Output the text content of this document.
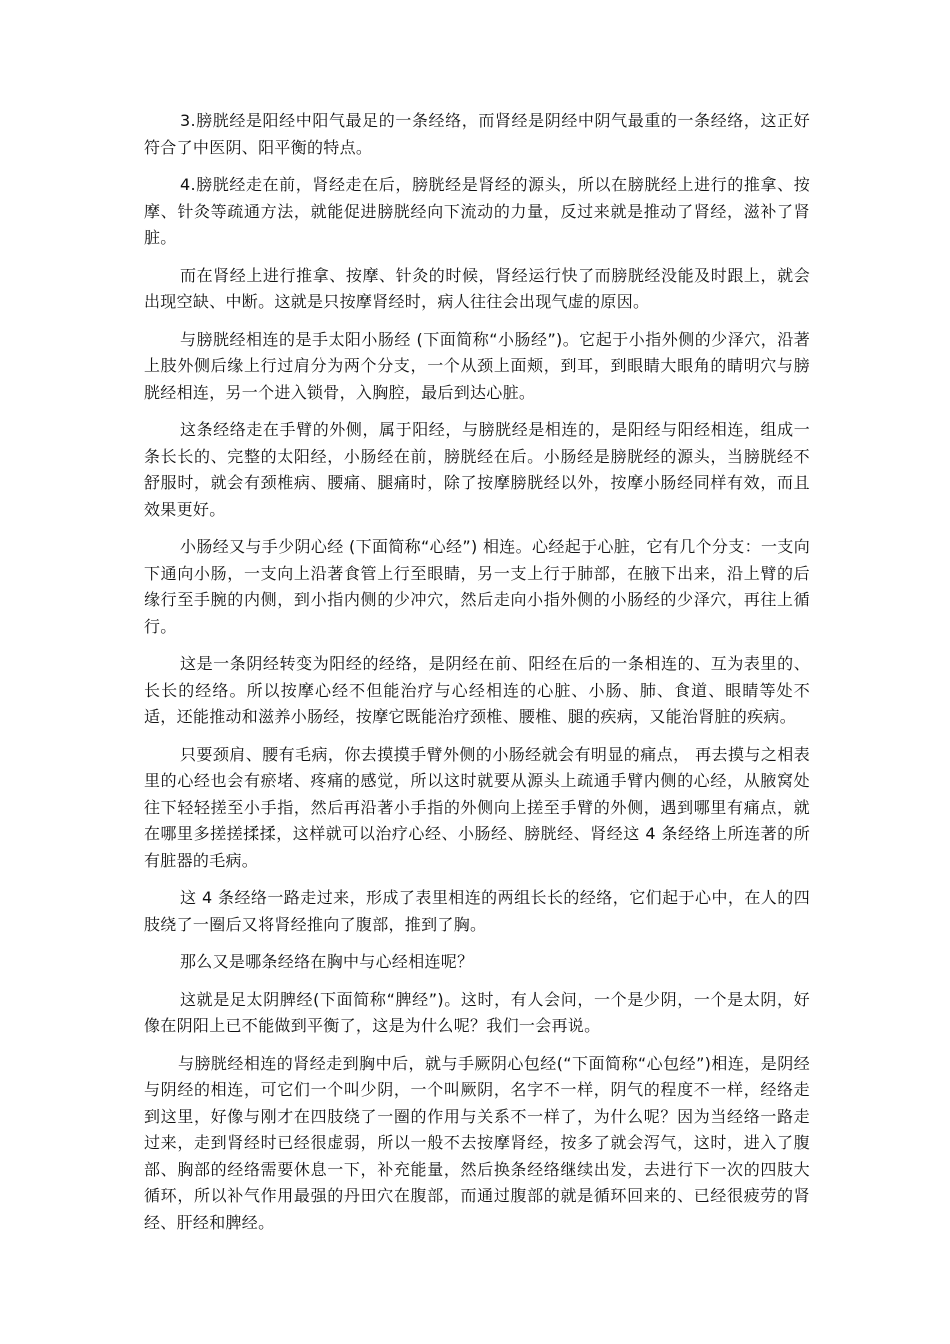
3.膀胱经是阳经中阳气最足的一条经络，而肾经是阴经中阴气最重的一条经络，这正好符合了中医阴、阳平衡的特点。

4.膀胱经走在前，肾经走在后，膀胱经是肾经的源头，所以在膀胱经上进行的推拿、按摩、针灸等疏通方法，就能促进膀胱经向下流动的力量，反过来就是推动了肾经，滋补了肾脏。

而在肾经上进行推拿、按摩、针灸的时候，肾经运行快了而膀胱经没能及时跟上，就会出现空缺、中断。这就是只按摩肾经时，病人往往会出现气虚的原因。

与膀胱经相连的是手太阳小肠经 (下面简称“小肠经”)。它起于小指外侧的少泽穴，沿著上肢外侧后缘上行过肩分为两个分支，一个从颈上面颊，到耳，到眼睛大眼角的睛明穴与膀胱经相连，另一个进入锁骨，入胸腔，最后到达心脏。

这条经络走在手臂的外侧，属于阳经，与膀胱经是相连的，是阳经与阳经相连，组成一条长长的、完整的太阳经，小肠经在前，膀胱经在后。小肠经是膀胱经的源头，当膀胱经不舒服时，就会有颈椎病、腰痛、腿痛时，除了按摩膀胱经以外，按摩小肠经同样有效，而且效果更好。

小肠经又与手少阴心经 (下面简称“心经”) 相连。心经起于心脏，它有几个分支：一支向下通向小肠，一支向上沿著食管上行至眼睛，另一支上行于肺部，在腋下出来，沿上臂的后缘行至手腕的内侧，到小指内侧的少冲穴，然后走向小指外侧的小肠经的少泽穴，再往上循行。

这是一条阴经转变为阳经的经络，是阴经在前、阳经在后的一条相连的、互为表里的、长长的经络。所以按摩心经不但能治疗与心经相连的心脏、小肠、肺、食道、眼睛等处不适，还能推动和滋养小肠经，按摩它既能治疗颈椎、腰椎、腿的疾病，又能治肾脏的疾病。

只要颈肩、腰有毛病，你去摸摸手臂外侧的小肠经就会有明显的痛点， 再去摸与之相表里的心经也会有瘀堵、疼痛的感觉，所以这时就要从源头上疏通手臂内侧的心经，从腋窝处往下轻轻搓至小手指，然后再沿著小手指的外侧向上搓至手臂的外侧，遇到哪里有痛点，就在哪里多搓搓揉揉，这样就可以治疗心经、小肠经、膀胱经、肾经这 4 条经络上所连著的所有脏器的毛病。

这 4 条经络一路走过来，形成了表里相连的两组长长的经络，它们起于心中，在人的四肢绕了一圈后又将肾经推向了腹部，推到了胸。

那么又是哪条经络在胸中与心经相连呢？

这就是足太阴脾经(下面简称“脾经”)。这时，有人会问，一个是少阴，一个是太阴，好像在阴阳上已不能做到平衡了，这是为什么呢？我们一会再说。

与膀胱经相连的肾经走到胸中后，就与手厥阴心包经(“下面简称“心包经”)相连，是阴经与阴经的相连，可它们一个叫少阴，一个叫厥阴，名字不一样，阴气的程度不一样，经络走到这里，好像与刚才在四肢绕了一圈的作用与关系不一样了，为什么呢？因为当经络一路走过来，走到肾经时已经很虚弱，所以一般不去按摩肾经，按多了就会泻气，这时，进入了腹部、胸部的经络需要休息一下，补充能量，然后换条经络继续出发，去进行下一次的四肢大循环，所以补气作用最强的丹田穴在腹部，而通过腹部的就是循环回来的、已经很疲劳的肾经、肝经和脾经。
